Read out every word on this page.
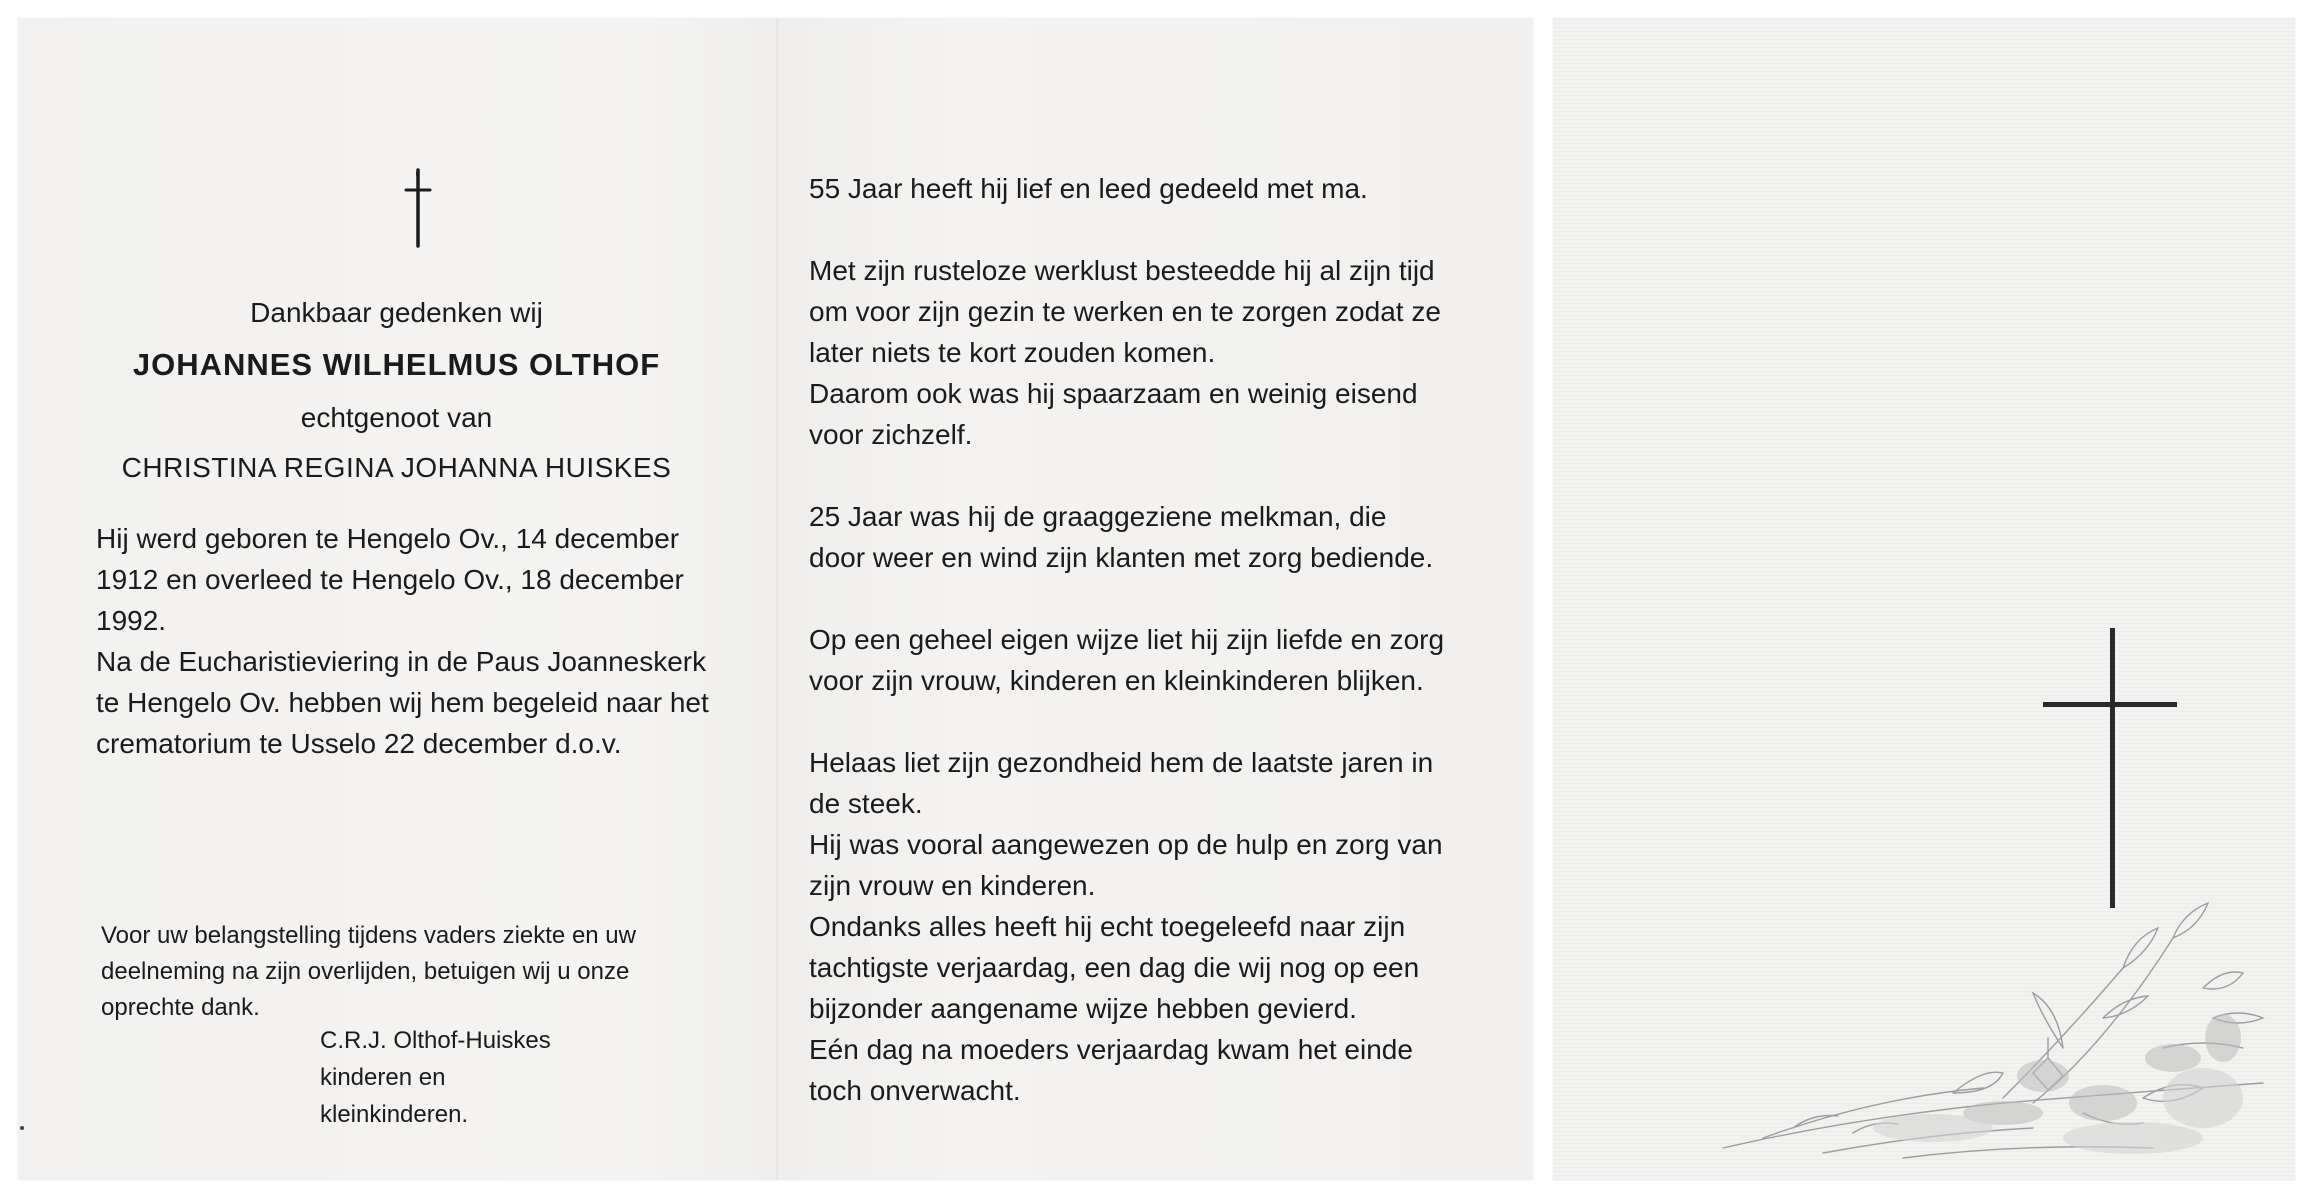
Dankbaar gedenken wij
JOHANNES WILHELMUS OLTHOF
echtgenoot van
CHRISTINA REGINA JOHANNA HUISKES

Hij werd geboren te Hengelo Ov., 14 december

1912 en overleed te Hengelo Ov., 18 december

1992.

Na de Eucharistieviering in de Paus Joanneskerk

te Hengelo Ov. hebben wij hem begeleid naar het

crematorium te Usselo 22 december d.o.v.

Voor uw belangstelling tijdens vaders ziekte en uw

deelneming na zijn overlijden, betuigen wij u onze

oprechte dank.

C.R.J. Olthof-Huiskes

kinderen en

kleinkinderen.

55 Jaar heeft hij lief en leed gedeeld met ma.
Met zijn rusteloze werklust besteedde hij al zijn tijd
om voor zijn gezin te werken en te zorgen zodat ze
later niets te kort zouden komen.
Daarom ook was hij spaarzaam en weinig eisend
voor zichzelf.
25 Jaar was hij de graaggeziene melkman, die
door weer en wind zijn klanten met zorg bediende.
Op een geheel eigen wijze liet hij zijn liefde en zorg
voor zijn vrouw, kinderen en kleinkinderen blijken.
Helaas liet zijn gezondheid hem de laatste jaren in
de steek.
Hij was vooral aangewezen op de hulp en zorg van
zijn vrouw en kinderen.
Ondanks alles heeft hij echt toegeleefd naar zijn
tachtigste verjaardag, een dag die wij nog op een
bijzonder aangename wijze hebben gevierd.
Eén dag na moeders verjaardag kwam het einde
toch onverwacht.
